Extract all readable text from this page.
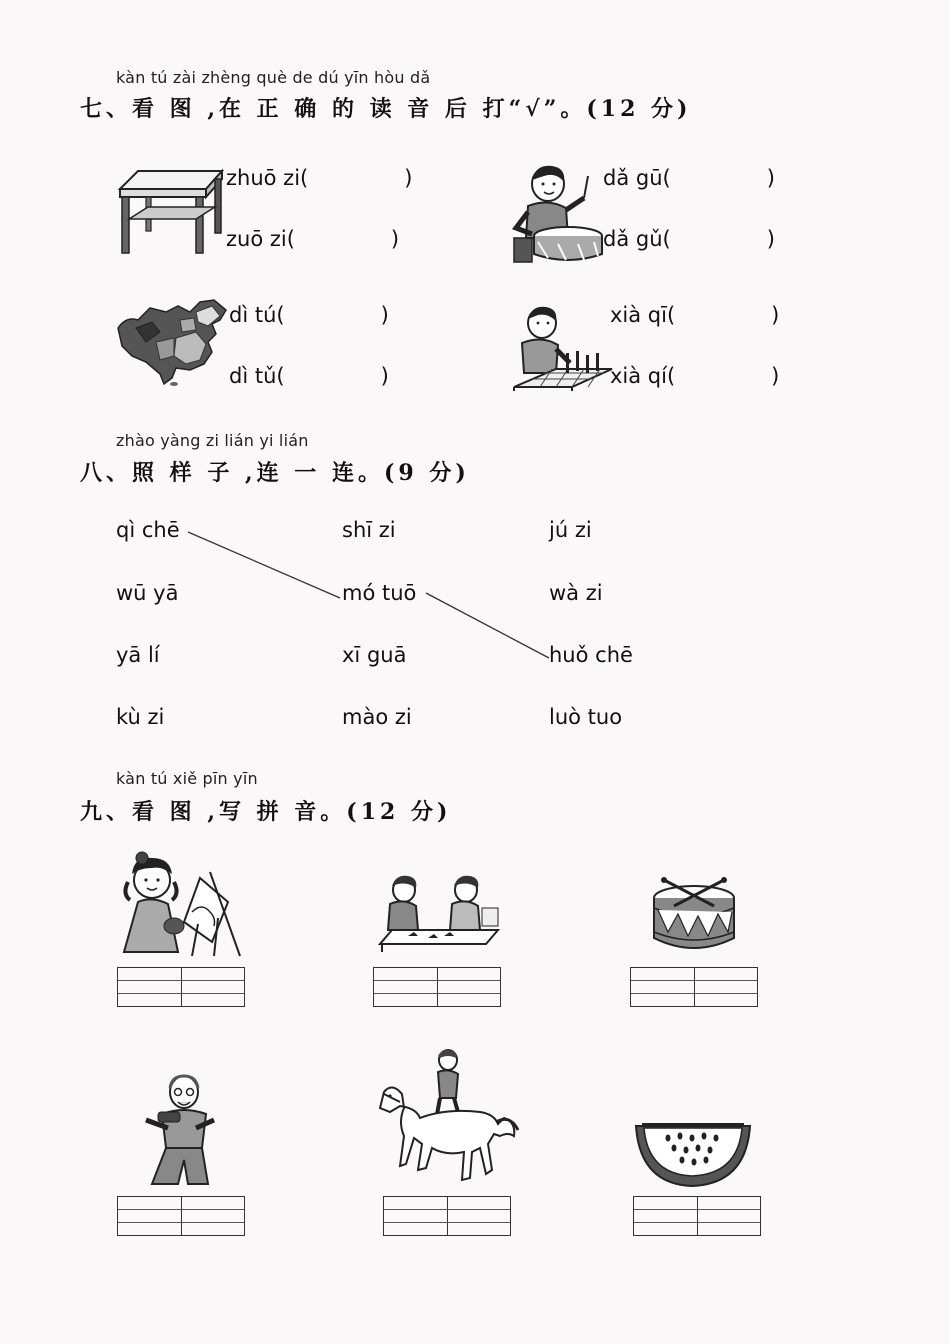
kàn tú zài zhèng què de dú yīn hòu dǎ
七、看 图 ,在 正 确 的 读 音 后 打“√”。(12 分)
zhuō zi(	)
zuō zi(	)
dǎ gū(	)
dǎ gǔ(	)
dì tú(	)
dì tǔ(	)
xià qī(	)
xià qí(	)
zhào yàng zi lián yi lián
八、照 样 子 ,连 一 连。(9 分)
qì chē
wū yā
yā lí
kù zi
shī zi
mó tuō
xī guā
mào zi
jú zi
wà zi
huǒ chē
luò tuo
kàn tú xiě pīn yīn
九、看 图 ,写 拼 音。(12 分)
